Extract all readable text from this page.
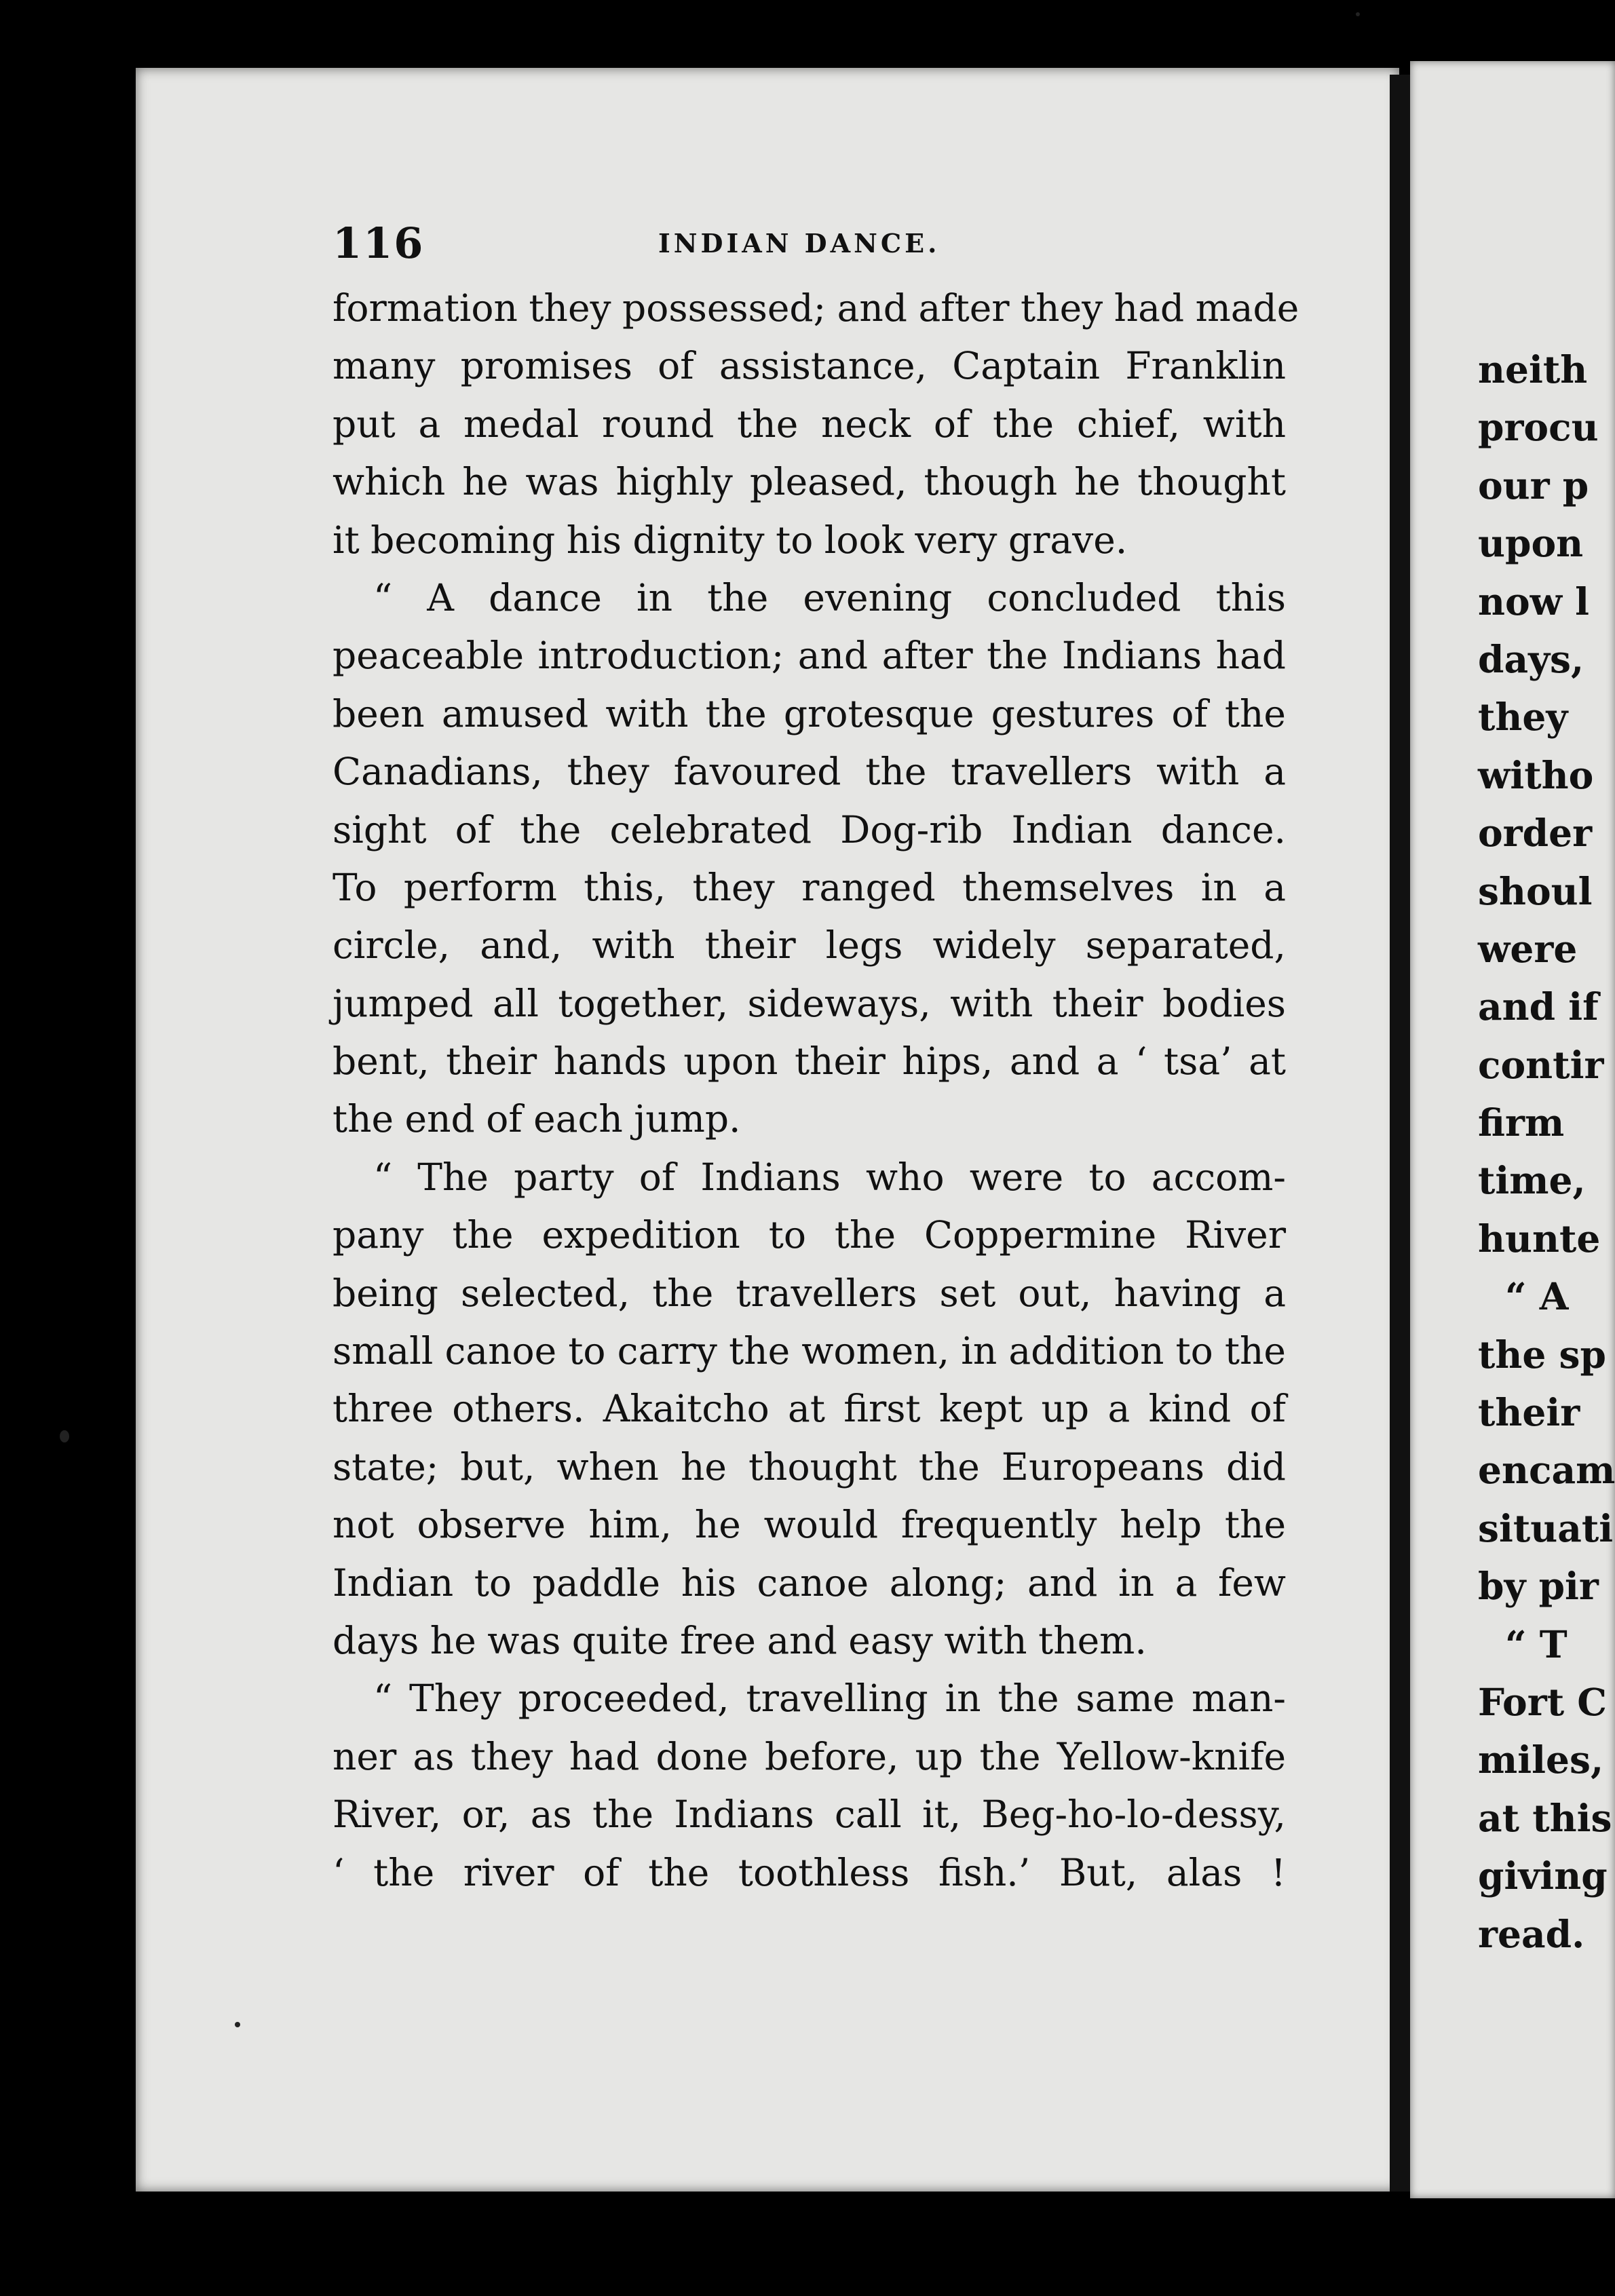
neith
procu
our p
upon
now l
days,
they
witho
order
shoul
were
and if
contir
firm
time,
hunte
“ A
the sp
their
encam
situati
by pir
“ T
Fort C
miles,
at this
giving
read.
116	INDIAN DANCE.
formation they possessed; and after they had made
many promises of assistance, Captain Franklin
put a medal round the neck of the chief, with
which he was highly pleased, though he thought
it becoming his dignity to look very grave.
“ A dance in the evening concluded this
peaceable introduction; and after the Indians had
been amused with the grotesque gestures of the
Canadians, they favoured the travellers with a
sight of the celebrated Dog-rib Indian dance.
To perform this, they ranged themselves in a
circle, and, with their legs widely separated,
jumped all together, sideways, with their bodies
bent, their hands upon their hips, and a ‘ tsa’ at
the end of each jump.
“ The party of Indians who were to accom-
pany the expedition to the Coppermine River
being selected, the travellers set out, having a
small canoe to carry the women, in addition to the
three others. Akaitcho at first kept up a kind of
state; but, when he thought the Europeans did
not observe him, he would frequently help the
Indian to paddle his canoe along; and in a few
days he was quite free and easy with them.
“ They proceeded, travelling in the same man-
ner as they had done before, up the Yellow-knife
River, or, as the Indians call it, Beg-ho-lo-dessy,
‘ the river of the toothless fish.’ But, alas !
